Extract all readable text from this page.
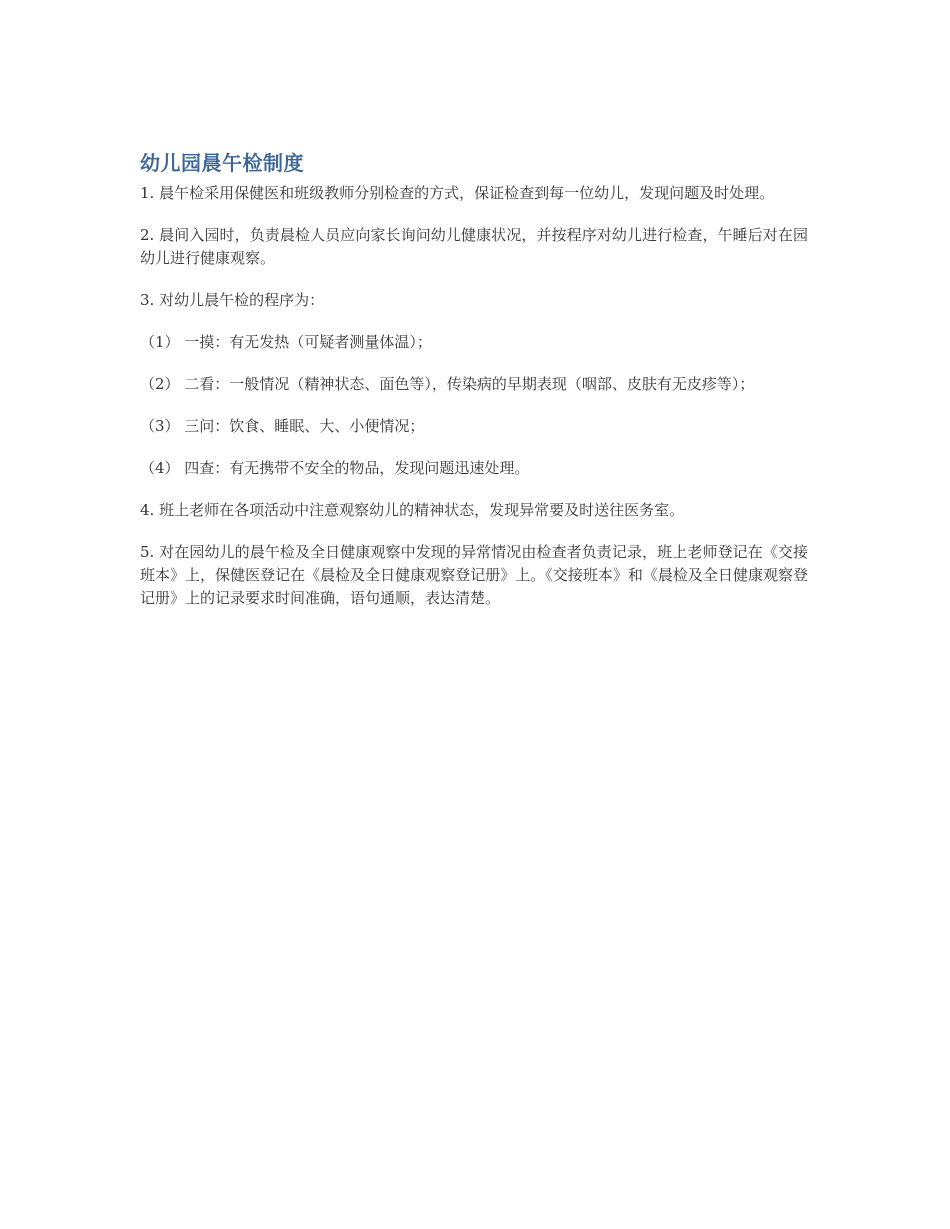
幼儿园晨午检制度

1. 晨午检采用保健医和班级教师分别检查的方式，保证检查到每一位幼儿，发现问题及时处理。

2. 晨间入园时，负责晨检人员应向家长询问幼儿健康状况，并按程序对幼儿进行检查，午睡后对在园幼儿进行健康观察。

3. 对幼儿晨午检的程序为：

（1） 一摸：有无发热（可疑者测量体温）；

（2） 二看：一般情况（精神状态、面色等），传染病的早期表现（咽部、皮肤有无皮疹等）；

（3） 三问：饮食、睡眠、大、小便情况；

（4） 四查：有无携带不安全的物品，发现问题迅速处理。

4. 班上老师在各项活动中注意观察幼儿的精神状态，发现异常要及时送往医务室。

5. 对在园幼儿的晨午检及全日健康观察中发现的异常情况由检查者负责记录，班上老师登记在《交接班本》上，保健医登记在《晨检及全日健康观察登记册》上。《交接班本》和《晨检及全日健康观察登记册》上的记录要求时间准确，语句通顺，表达清楚。
